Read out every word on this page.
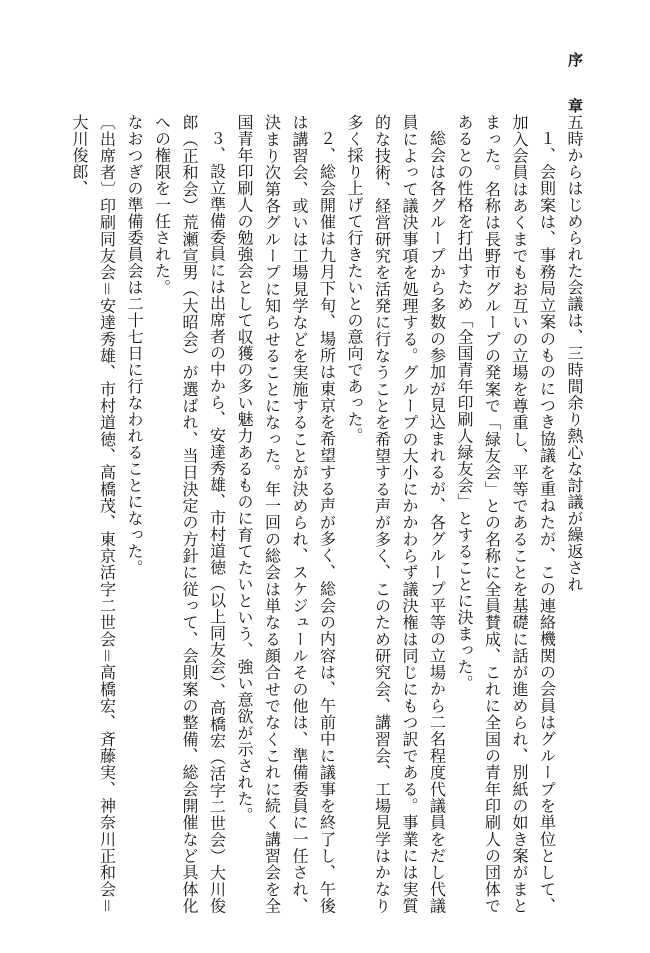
序　章

五時からはじめられた会議は、三時間余り熱心な討議が繰返され

１、会則案は、事務局立案のものにつき協議を重ねたが、この連絡機関の会員はグループを単位として、加入会員はあくまでもお互いの立場を尊重し、平等であることを基礎に話が進められ、別紙の如き案がまとまった。名称は長野市グループの発案で「緑友会」との名称に全員賛成、これに全国の青年印刷人の団体であるとの性格を打出すため「全国青年印刷人緑友会」とすることに決まった。

総会は各グループから多数の参加が見込まれるが、各グループ平等の立場から二名程度代議員をだし代議員によって議決事項を処理する。グループの大小にかかわらず議決権は同じにもつ訳である。事業には実質的な技術、経営研究を活発に行なうことを希望する声が多く、このため研究会、講習会、工場見学はかなり多く採り上げて行きたいとの意向であった。

２、総会開催は九月下旬、場所は東京を希望する声が多く、総会の内容は、午前中に議事を終了し、午後は講習会、或いは工場見学などを実施することが決められ、スケジュールその他は、準備委員に一任され、決まり次第各グループに知らせることになった。年一回の総会は単なる顔合せでなくこれに続く講習会を全国青年印刷人の勉強会として収獲の多い魅力あるものに育てたいという、強い意欲が示された。

３、設立準備委員には出席者の中から、安達秀雄、市村道徳（以上同友会）、高橋宏（活字二世会）大川俊郎（正和会）荒瀬宣男（大昭会）が選ばれ、当日決定の方針に従って、会則案の整備、総会開催など具体化への権限を一任された。

なおつぎの準備委員会は二十七日に行なわれることになった。

〔出席者〕印刷同友会＝安達秀雄、市村道徳、高橋茂、東京活字二世会＝高橋宏、斉藤実、神奈川正和会＝大川俊郎、
